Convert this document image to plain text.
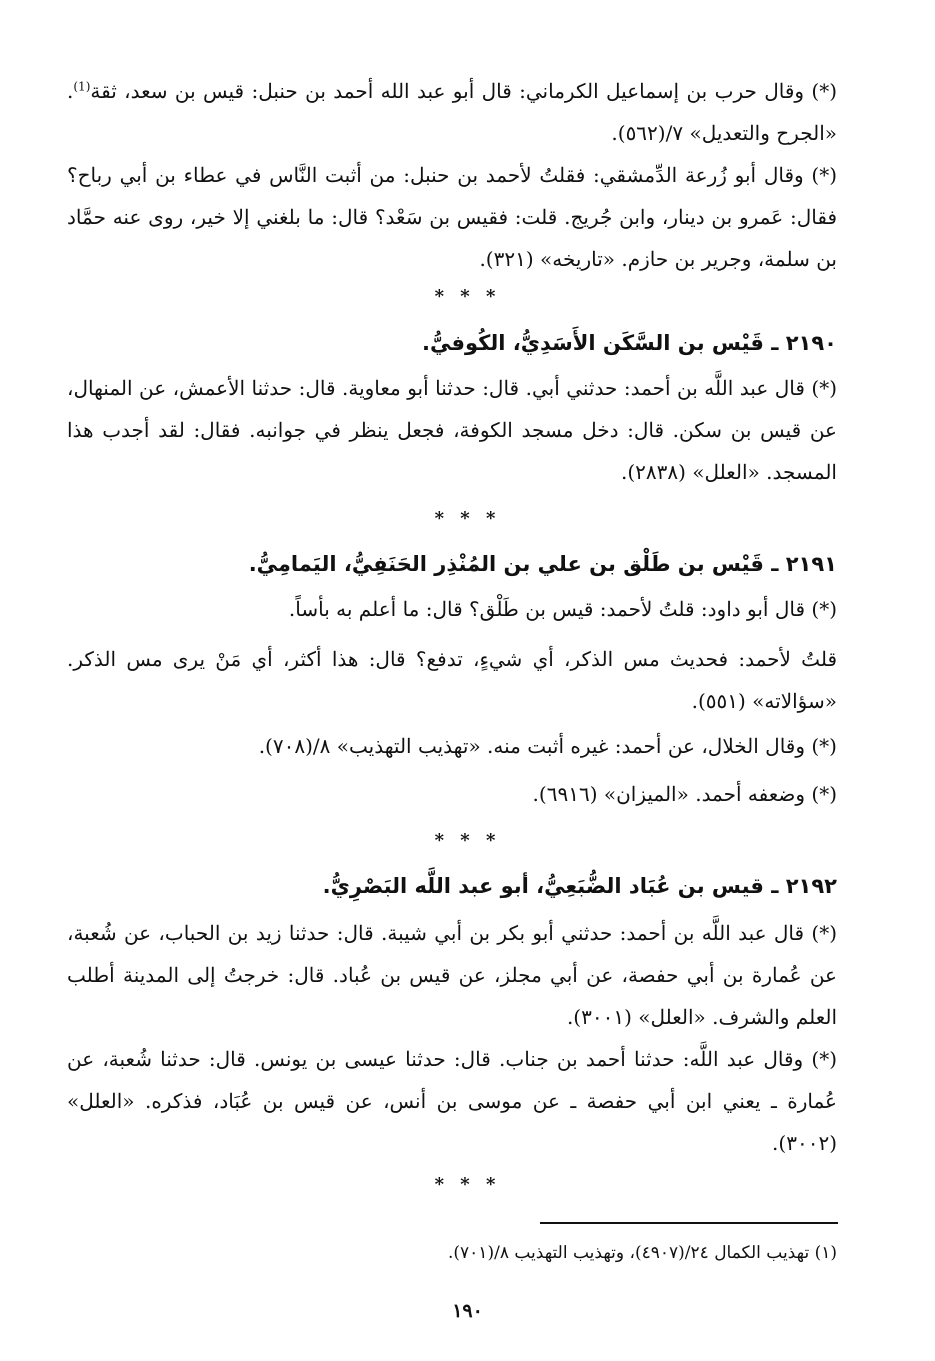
(*) وقال حرب بن إسماعيل الكرماني: قال أبو عبد الله أحمد بن حنبل: قيس بن سعد، ثقة$^{(1)}$. «الجرح والتعديل» ٧/(٥٦٢).

(*) وقال أبو زُرعة الدِّمشقي: فقلتُ لأحمد بن حنبل: من أثبت النَّاس في عطاء بن أبي رباح؟ فقال: عَمرو بن دينار، وابن جُريج. قلت: فقيس بن سَعْد؟ قال: ما بلغني إلا خير، روى عنه حمَّاد بن سلمة، وجرير بن حازم. «تاريخه» (٣٢١).

* * *
٢١٩٠ ـ قَيْس بن السَّكَن الأَسَدِيُّ، الكُوفيُّ.

(*) قال عبد اللَّه بن أحمد: حدثني أبي. قال: حدثنا أبو معاوية. قال: حدثنا الأعمش، عن المنهال، عن قيس بن سكن. قال: دخل مسجد الكوفة، فجعل ينظر في جوانبه. فقال: لقد أجدب هذا المسجد. «العلل» (٢٨٣٨).

* * *
٢١٩١ ـ قَيْس بن طَلْق بن علي بن المُنْذِر الحَنَفِيُّ، اليَمامِيُّ.

(*) قال أبو داود: قلتُ لأحمد: قيس بن طَلْق؟ قال: ما أعلم به بأساً.

قلتُ لأحمد: فحديث مس الذكر، أي شيءٍ، تدفع؟ قال: هذا أكثر، أي مَنْ يرى مس الذكر. «سؤالاته» (٥٥١).

(*) وقال الخلال، عن أحمد: غيره أثبت منه. «تهذيب التهذيب» ٨/(٧٠٨).

(*) وضعفه أحمد. «الميزان» (٦٩١٦).

* * *
٢١٩٢ ـ قيس بن عُبَاد الضُّبَعِيُّ، أبو عبد اللَّه البَصْرِيُّ.

(*) قال عبد اللَّه بن أحمد: حدثني أبو بكر بن أبي شيبة. قال: حدثنا زيد بن الحباب، عن شُعبة، عن عُمارة بن أبي حفصة، عن أبي مجلز، عن قيس بن عُباد. قال: خرجتُ إلى المدينة أطلب العلم والشرف. «العلل» (٣٠٠١).

(*) وقال عبد اللَّه: حدثنا أحمد بن جناب. قال: حدثنا عيسى بن يونس. قال: حدثنا شُعبة، عن عُمارة ـ يعني ابن أبي حفصة ـ عن موسى بن أنس، عن قيس بن عُبَاد، فذكره. «العلل» (٣٠٠٢).

* * *

(١) تهذيب الكمال ٢٤/(٤٩٠٧)، وتهذيب التهذيب ٨/(٧٠١).

١٩٠
